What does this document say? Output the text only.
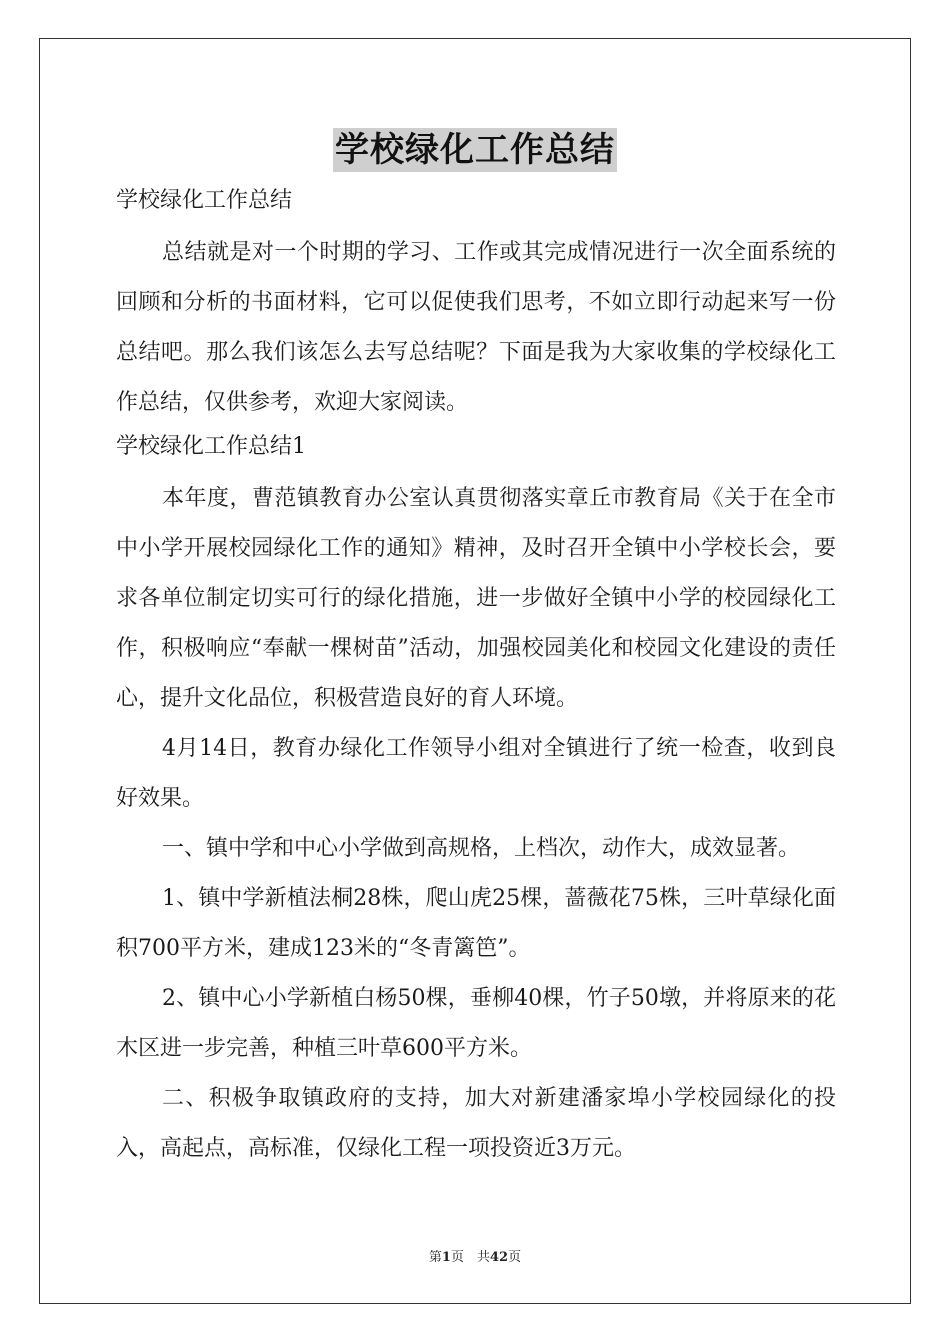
学校绿化工作总结

学校绿化工作总结

总结就是对一个时期的学习、工作或其完成情况进行一次全面系统的回顾和分析的书面材料，它可以促使我们思考，不如立即行动起来写一份总结吧。那么我们该怎么去写总结呢？下面是我为大家收集的学校绿化工作总结，仅供参考，欢迎大家阅读。

学校绿化工作总结1

本年度，曹范镇教育办公室认真贯彻落实章丘市教育局《关于在全市中小学开展校园绿化工作的通知》精神，及时召开全镇中小学校长会，要求各单位制定切实可行的绿化措施，进一步做好全镇中小学的校园绿化工作，积极响应“奉献一棵树苗”活动，加强校园美化和校园文化建设的责任心，提升文化品位，积极营造良好的育人环境。

4月14日，教育办绿化工作领导小组对全镇进行了统一检查，收到良好效果。

一、镇中学和中心小学做到高规格，上档次，动作大，成效显著。

1、镇中学新植法桐28株，爬山虎25棵，蔷薇花75株，三叶草绿化面积700平方米，建成123米的“冬青篱笆”。

2、镇中心小学新植白杨50棵，垂柳40棵，竹子50墩，并将原来的花木区进一步完善，种植三叶草600平方米。

二、积极争取镇政府的支持，加大对新建潘家埠小学校园绿化的投入，高起点，高标准，仅绿化工程一项投资近3万元。

第1页　共42页
